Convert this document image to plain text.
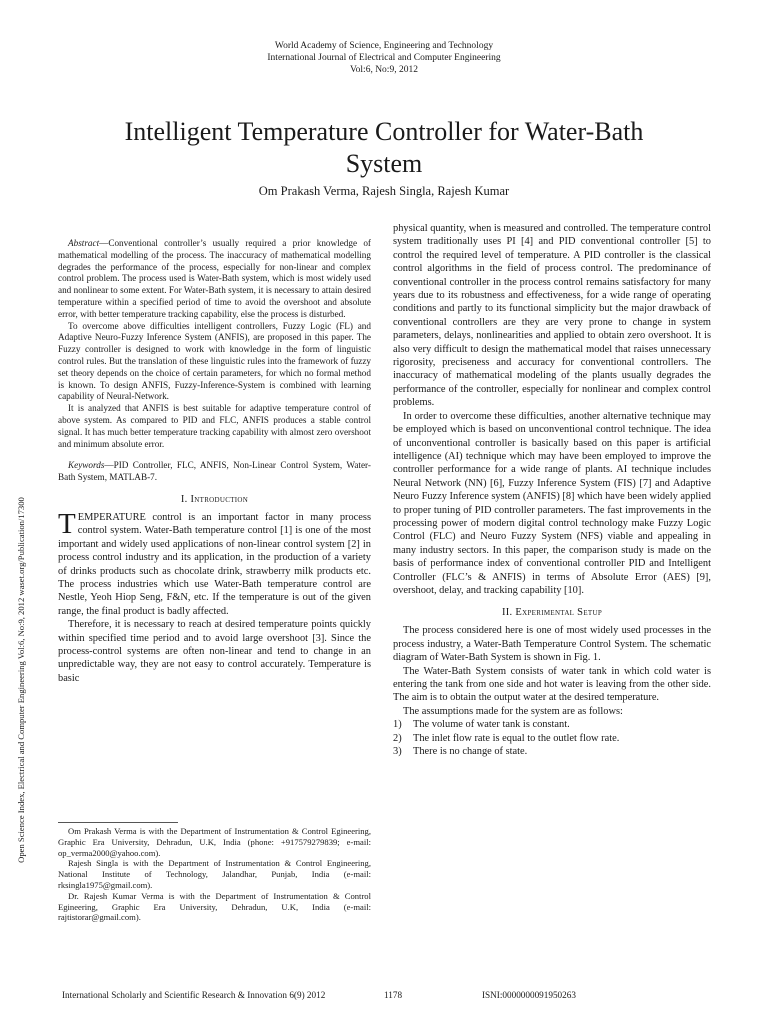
World Academy of Science, Engineering and Technology
International Journal of Electrical and Computer Engineering
Vol:6, No:9, 2012
Intelligent Temperature Controller for Water-Bath System
Om Prakash Verma, Rajesh Singla, Rajesh Kumar
Open Science Index, Electrical and Computer Engineering Vol:6, No:9, 2012 waset.org/Publication/17300

Abstract—Conventional controller’s usually required a prior knowledge of mathematical modelling of the process. The inaccuracy of mathematical modelling degrades the performance of the process, especially for non-linear and complex control problem. The process used is Water-Bath system, which is most widely used and nonlinear to some extent. For Water-Bath system, it is necessary to attain desired temperature within a specified period of time to avoid the overshoot and absolute error, with better temperature tracking capability, else the process is disturbed.

To overcome above difficulties intelligent controllers, Fuzzy Logic (FL) and Adaptive Neuro-Fuzzy Inference System (ANFIS), are proposed in this paper. The Fuzzy controller is designed to work with knowledge in the form of linguistic control rules. But the translation of these linguistic rules into the framework of fuzzy set theory depends on the choice of certain parameters, for which no formal method is known. To design ANFIS, Fuzzy-Inference-System is combined with learning capability of Neural-Network.

It is analyzed that ANFIS is best suitable for adaptive temperature control of above system. As compared to PID and FLC, ANFIS produces a stable control signal. It has much better temperature tracking capability with almost zero overshoot and minimum absolute error.

Keywords—PID Controller, FLC, ANFIS, Non-Linear Control System, Water-Bath System, MATLAB-7.

I. Introduction

TEMPERATURE control is an important factor in many process control system. Water-Bath temperature control [1] is one of the most important and widely used applications of non-linear control system [2] in process control industry and its application, in the production of a variety of drinks products such as chocolate drink, strawberry milk products etc. The process industries which use Water-Bath temperature control are Nestle, Yeoh Hiop Seng, F&N, etc. If the temperature is out of the given range, the final product is badly affected.

Therefore, it is necessary to reach at desired temperature points quickly within specified time period and to avoid large overshoot [3]. Since the process-control systems are often non-linear and tend to change in an unpredictable way, they are not easy to control accurately. Temperature is basic

physical quantity, when is measured and controlled. The temperature control system traditionally uses PI [4] and PID conventional controller [5] to control the required level of temperature. A PID controller is the classical control algorithms in the field of process control. The predominance of conventional controller in the process control remains satisfactory for many years due to its robustness and effectiveness, for a wide range of operating conditions and partly to its functional simplicity but the major drawback of conventional controllers are they are very prone to change in system parameters, delays, nonlinearities and applied to obtain zero overshoot. It is also very difficult to design the mathematical model that raises unnecessary rigorosity, preciseness and accuracy for conventional controllers. The inaccuracy of mathematical modeling of the plants usually degrades the performance of the controller, especially for nonlinear and complex control problems.

In order to overcome these difficulties, another alternative technique may be employed which is based on unconventional control technique. The idea of unconventional controller is basically based on this paper is artificial intelligence (AI) technique which may have been employed to improve the controller performance for a wide range of plants. AI technique includes Neural Network (NN) [6], Fuzzy Inference System (FIS) [7] and Adaptive Neuro Fuzzy Inference system (ANFIS) [8] which have been widely applied to proper tuning of PID controller parameters. The fast improvements in the processing power of modern digital control technology make Fuzzy Logic Control (FLC) and Neuro Fuzzy System (NFS) viable and appealing in many industry sectors. In this paper, the comparison study is made on the basis of performance index of conventional controller PID and Intelligent Controller (FLC’s & ANFIS) in terms of Absolute Error (AES) [9], overshoot, delay, and tracking capability [10].

II. Experimental Setup

The process considered here is one of most widely used processes in the process industry, a Water-Bath Temperature Control System. The schematic diagram of Water-Bath System is shown in Fig. 1.

The Water-Bath System consists of water tank in which cold water is entering the tank from one side and hot water is leaving from the other side. The aim is to obtain the output water at the desired temperature.

The assumptions made for the system are as follows:

1)	The volume of water tank is constant.
2)	The inlet flow rate is equal to the outlet flow rate.
3)	There is no change of state.

Om Prakash Verma is with the Department of Instrumentation & Control Egineering, Graphic Era University, Dehradun, U.K, India (phone: +917579279839; e-mail: op_verma2000@yahoo.com).

Rajesh Singla is with the Department of Instrumentation & Control Engineering, National Institute of Technology, Jalandhar, Punjab, India (e-mail: rksingla1975@gmail.com).

Dr. Rajesh Kumar Verma is with the Department of Instrumentation & Control Egineering, Graphic Era University, Dehradun, U.K, India (e-mail: rajtistorar@gmail.com).

International Scholarly and Scientific Research & Innovation 6(9) 2012	1178	ISNI:0000000091950263
